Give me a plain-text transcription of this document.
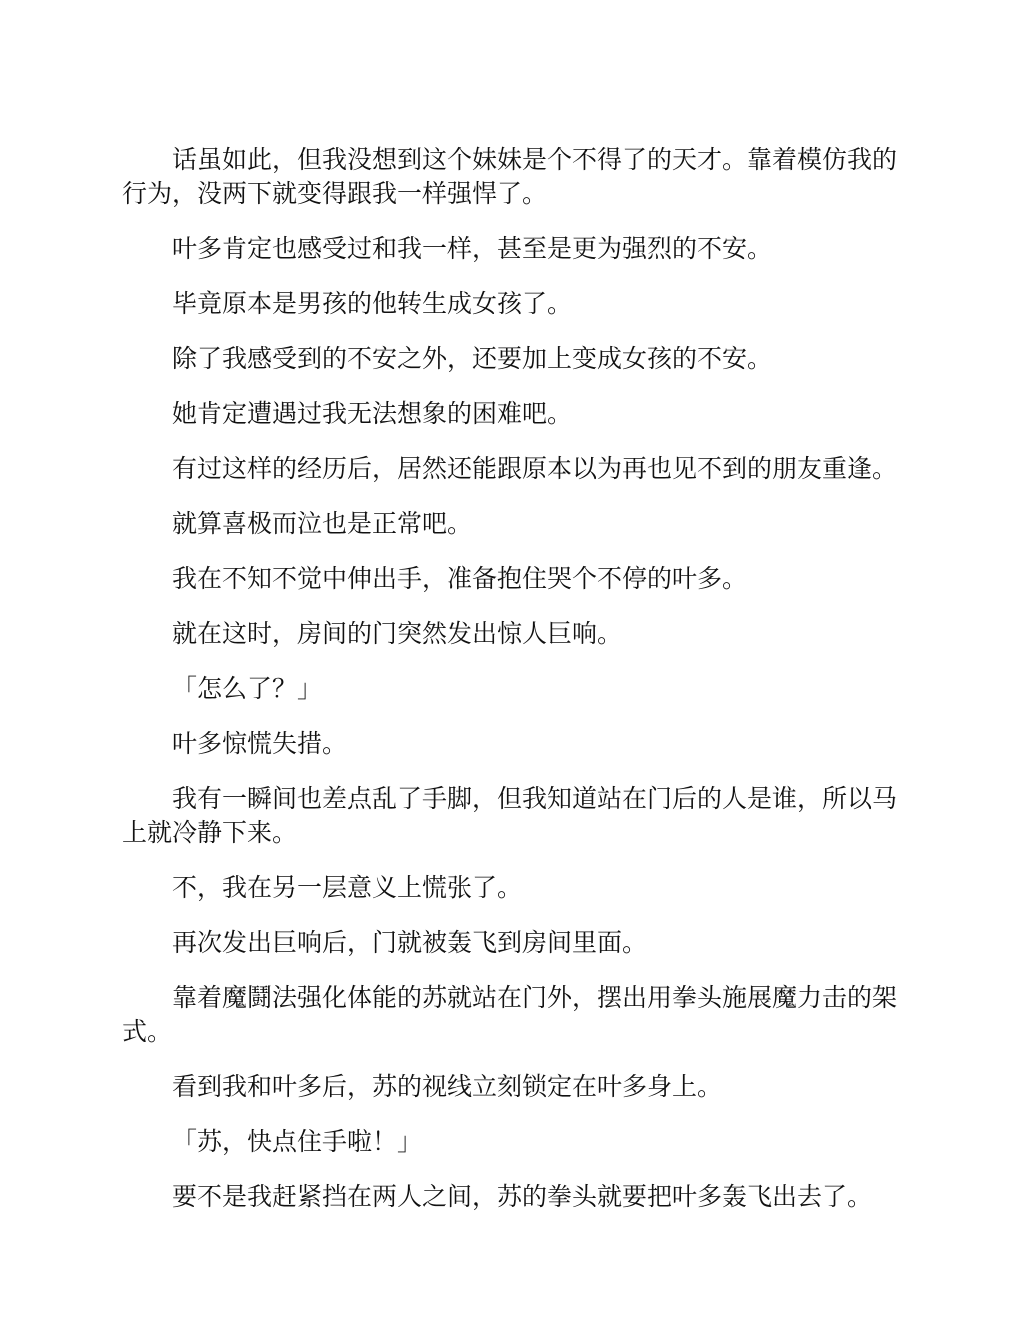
话虽如此，但我没想到这个妹妹是个不得了的天才。靠着模仿我的行为，没两下就变得跟我一样强悍了。

叶多肯定也感受过和我一样，甚至是更为强烈的不安。

毕竟原本是男孩的他转生成女孩了。

除了我感受到的不安之外，还要加上变成女孩的不安。

她肯定遭遇过我无法想象的困难吧。

有过这样的经历后，居然还能跟原本以为再也见不到的朋友重逢。

就算喜极而泣也是正常吧。

我在不知不觉中伸出手，准备抱住哭个不停的叶多。

就在这时，房间的门突然发出惊人巨响。

「怎么了？」

叶多惊慌失措。

我有一瞬间也差点乱了手脚，但我知道站在门后的人是谁，所以马上就冷静下来。

不，我在另一层意义上慌张了。

再次发出巨响后，门就被轰飞到房间里面。

靠着魔鬪法强化体能的苏就站在门外，摆出用拳头施展魔力击的架式。

看到我和叶多后，苏的视线立刻锁定在叶多身上。

「苏，快点住手啦！」

要不是我赶紧挡在两人之间，苏的拳头就要把叶多轰飞出去了。
